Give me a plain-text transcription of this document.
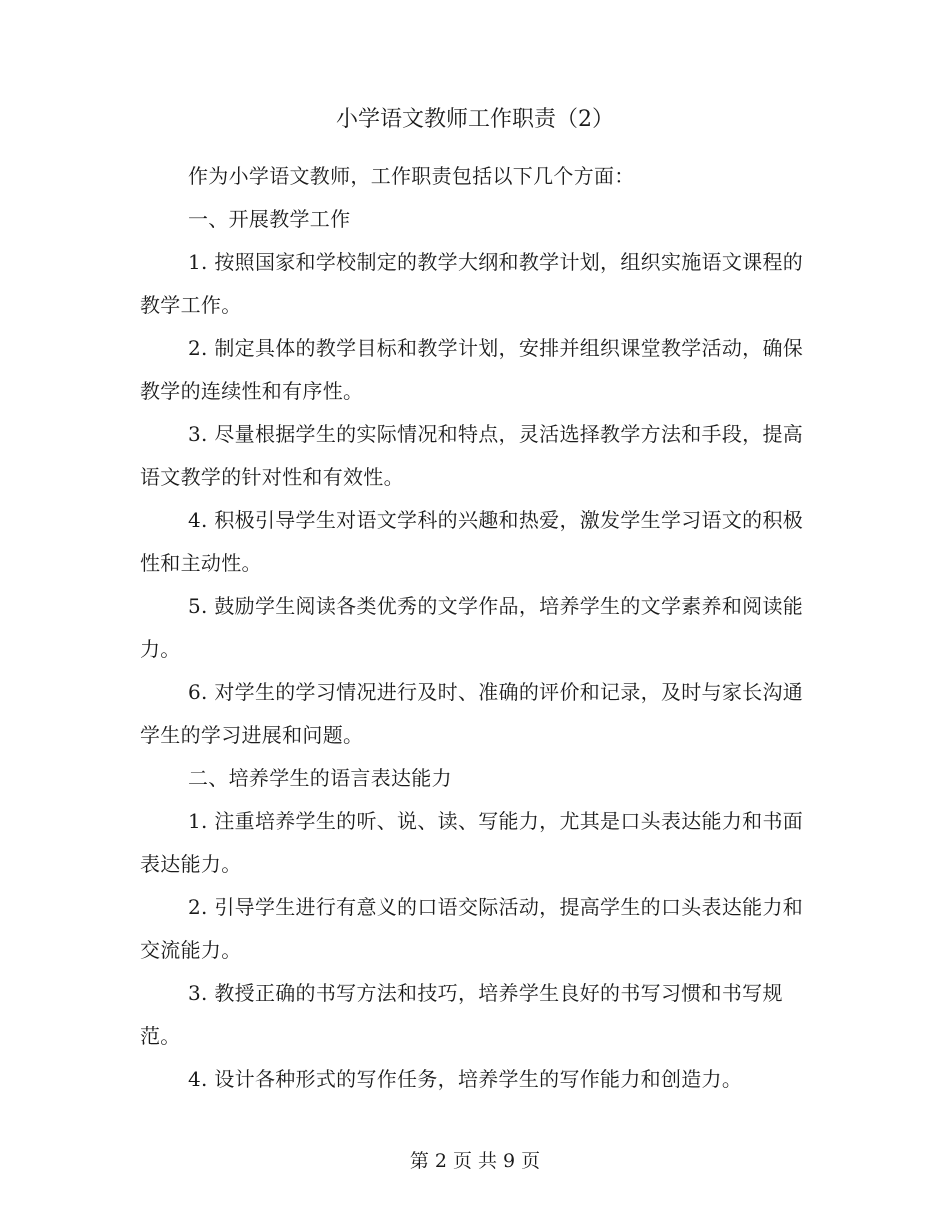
小学语文教师工作职责（2）

作为小学语文教师，工作职责包括以下几个方面：

一、开展教学工作

1. 按照国家和学校制定的教学大纲和教学计划，组织实施语文课程的教学工作。

2. 制定具体的教学目标和教学计划，安排并组织课堂教学活动，确保教学的连续性和有序性。

3. 尽量根据学生的实际情况和特点，灵活选择教学方法和手段，提高语文教学的针对性和有效性。

4. 积极引导学生对语文学科的兴趣和热爱，激发学生学习语文的积极性和主动性。

5. 鼓励学生阅读各类优秀的文学作品，培养学生的文学素养和阅读能力。

6. 对学生的学习情况进行及时、准确的评价和记录，及时与家长沟通学生的学习进展和问题。

二、培养学生的语言表达能力

1. 注重培养学生的听、说、读、写能力，尤其是口头表达能力和书面表达能力。

2. 引导学生进行有意义的口语交际活动，提高学生的口头表达能力和交流能力。

3. 教授正确的书写方法和技巧，培养学生良好的书写习惯和书写规范。

4. 设计各种形式的写作任务，培养学生的写作能力和创造力。

第 2 页 共 9 页
